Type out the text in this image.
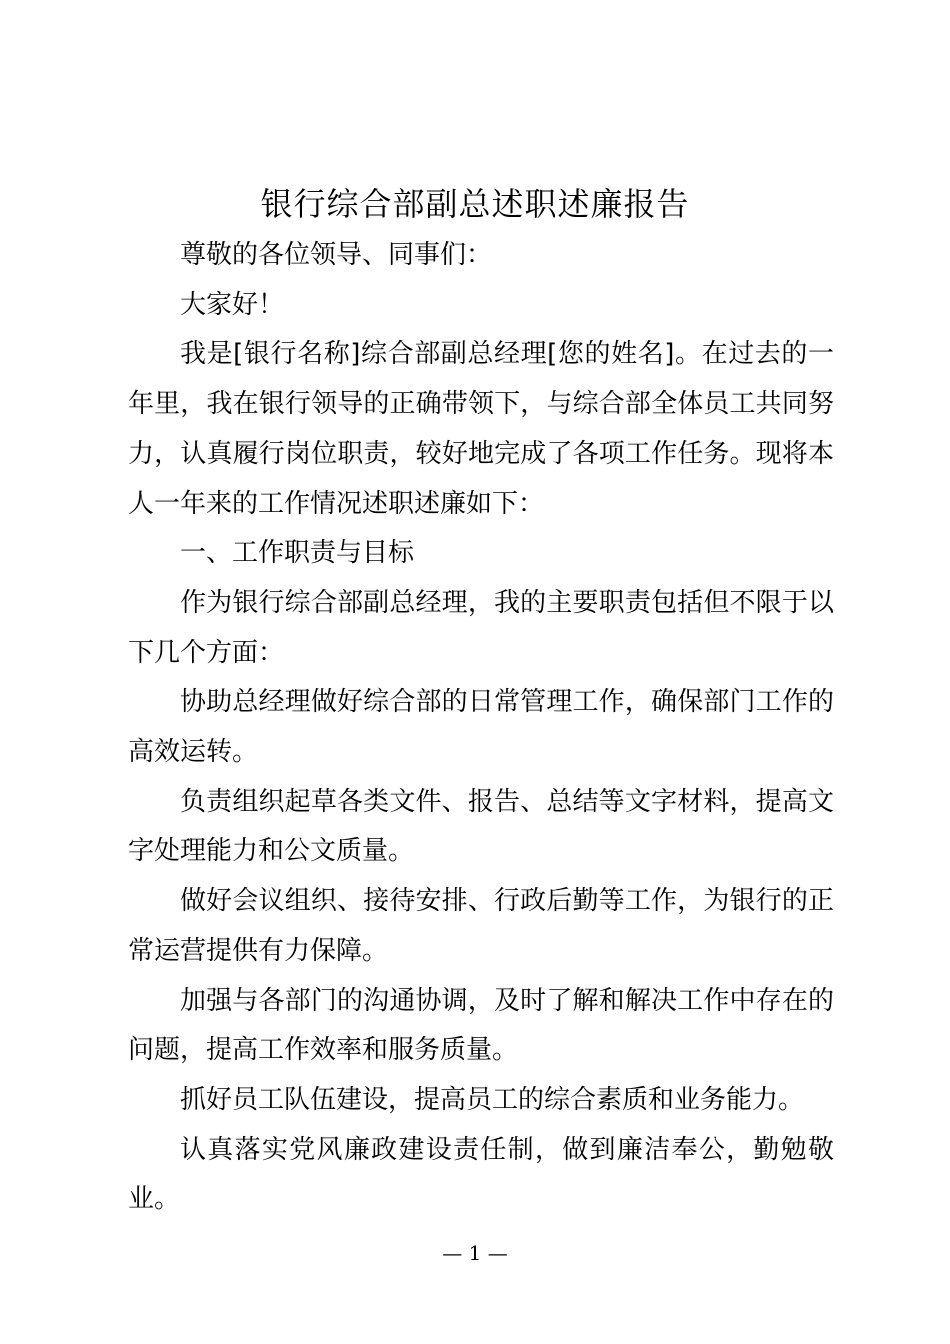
银行综合部副总述职述廉报告

尊敬的各位领导、同事们：

大家好！

我是[银行名称]综合部副总经理[您的姓名]。在过去的一年里，我在银行领导的正确带领下，与综合部全体员工共同努力，认真履行岗位职责，较好地完成了各项工作任务。现将本人一年来的工作情况述职述廉如下：

一、工作职责与目标

作为银行综合部副总经理，我的主要职责包括但不限于以下几个方面：

协助总经理做好综合部的日常管理工作，确保部门工作的高效运转。

负责组织起草各类文件、报告、总结等文字材料，提高文字处理能力和公文质量。

做好会议组织、接待安排、行政后勤等工作，为银行的正常运营提供有力保障。

加强与各部门的沟通协调，及时了解和解决工作中存在的问题，提高工作效率和服务质量。

抓好员工队伍建设，提高员工的综合素质和业务能力。

认真落实党风廉政建设责任制，做到廉洁奉公，勤勉敬业。

— 1 —
